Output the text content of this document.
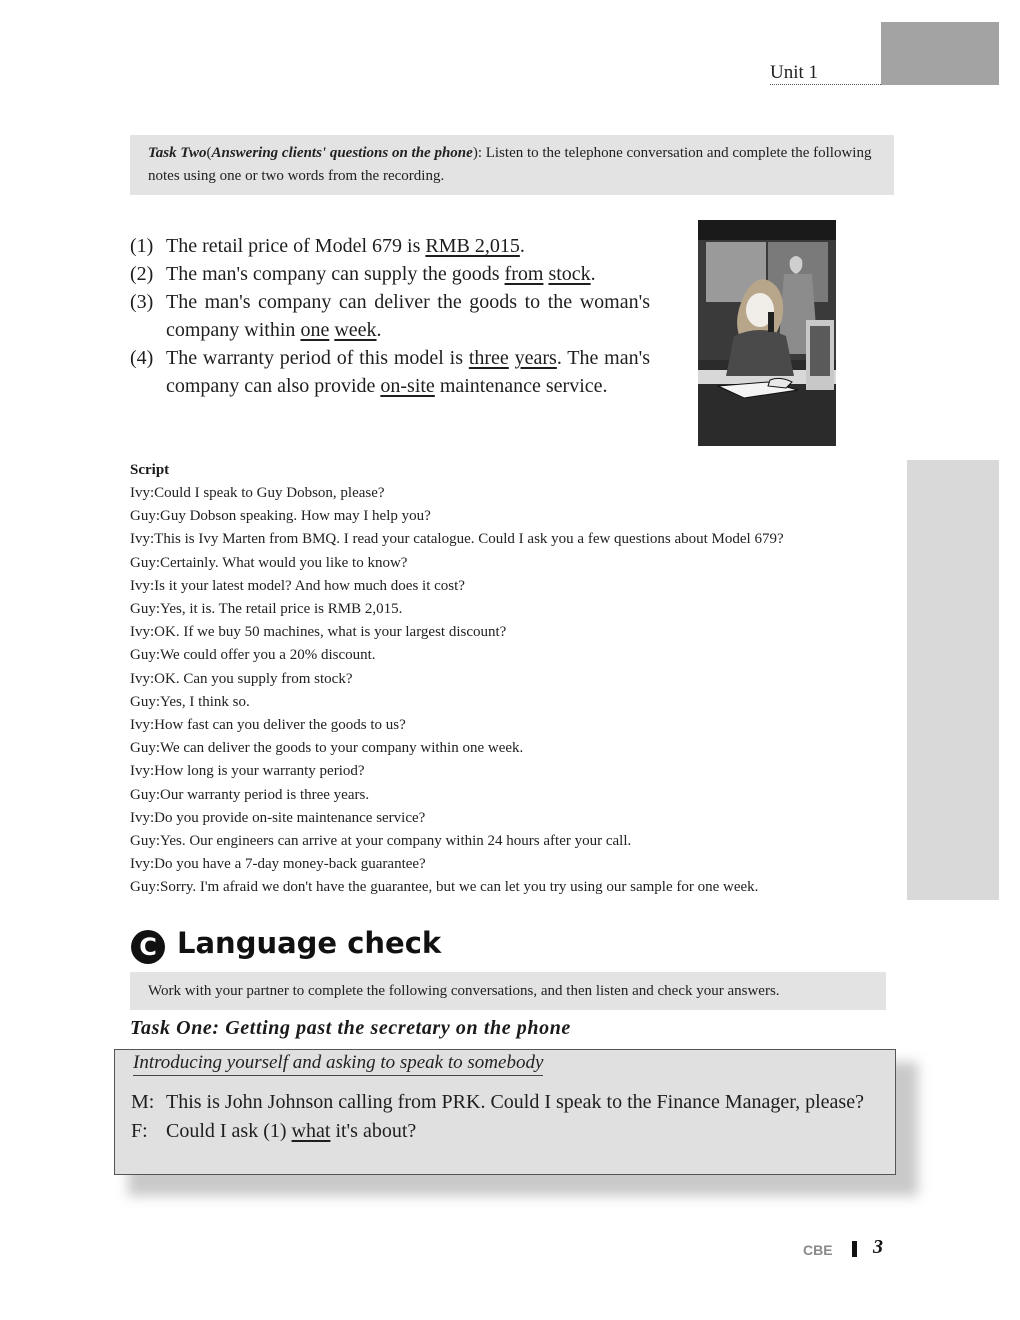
Unit 1

Task Two(Answering clients' questions on the phone): Listen to the telephone conversation and complete the following notes using one or two words from the recording.

(1) The retail price of Model 679 is RMB 2,015.
(2) The man's company can supply the goods from stock.
(3) The man's company can deliver the goods to the woman's company within one week.
(4) The warranty period of this model is three years. The man's company can also provide on-site maintenance service.
Script
Ivy: Could I speak to Guy Dobson, please?
Guy: Guy Dobson speaking. How may I help you?
Ivy: This is Ivy Marten from BMQ. I read your catalogue. Could I ask you a few questions about Model 679?
Guy: Certainly. What would you like to know?
Ivy: Is it your latest model? And how much does it cost?
Guy: Yes, it is. The retail price is RMB 2,015.
Ivy: OK. If we buy 50 machines, what is your largest discount?
Guy: We could offer you a 20% discount.
Ivy: OK. Can you supply from stock?
Guy: Yes, I think so.
Ivy: How fast can you deliver the goods to us?
Guy: We can deliver the goods to your company within one week.
Ivy: How long is your warranty period?
Guy: Our warranty period is three years.
Ivy: Do you provide on-site maintenance service?
Guy: Yes. Our engineers can arrive at your company within 24 hours after your call.
Ivy: Do you have a 7-day money-back guarantee?
Guy: Sorry. I'm afraid we don't have the guarantee, but we can let you try using our sample for one week.
C Language check
Work with your partner to complete the following conversations, and then listen and check your answers.
Task One: Getting past the secretary on the phone
Introducing yourself and asking to speak to somebody
M: This is John Johnson calling from PRK. Could I speak to the Finance Manager, please?
F: Could I ask (1) what it's about?
CBE 3
